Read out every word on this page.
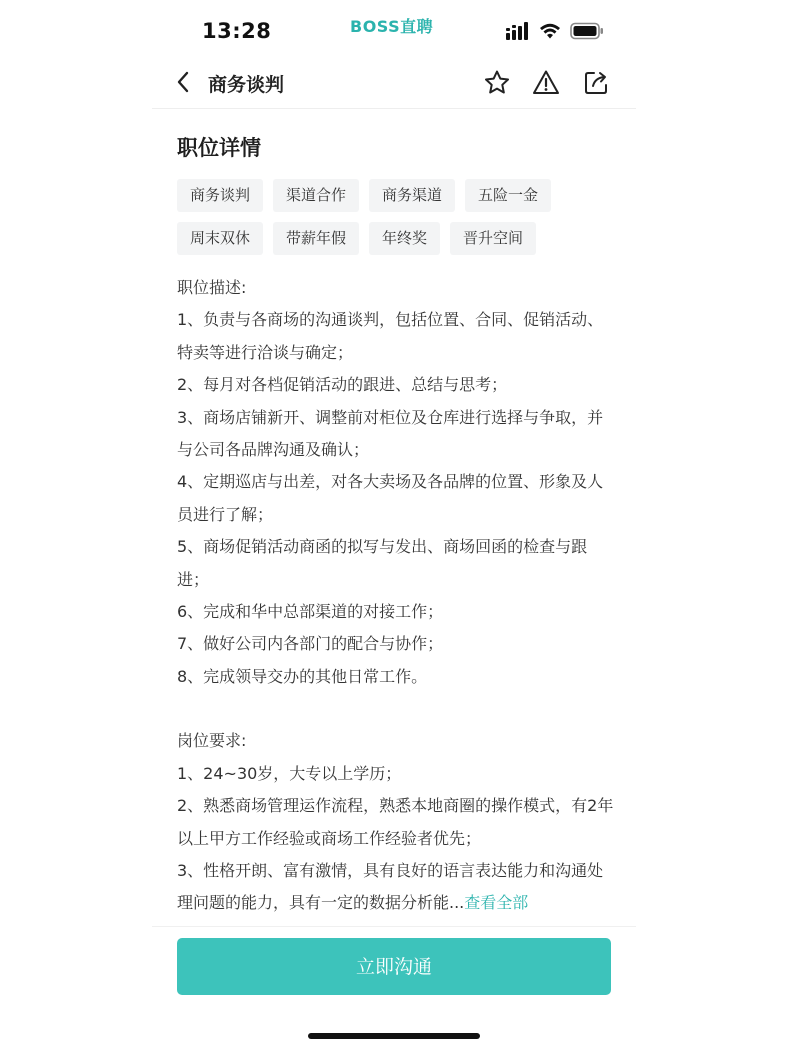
13:28	BOSS直聘
商务谈判
职位详情
商务谈判	渠道合作	商务渠道	五险一金
周末双休	带薪年假	年终奖	晋升空间

职位描述:

1、负责与各商场的沟通谈判，包括位置、合同、促销活动、特卖等进行洽谈与确定；

2、每月对各档促销活动的跟进、总结与思考；

3、商场店铺新开、调整前对柜位及仓库进行选择与争取，并与公司各品牌沟通及确认；

4、定期巡店与出差，对各大卖场及各品牌的位置、形象及人员进行了解；

5、商场促销活动商函的拟写与发出、商场回函的检查与跟进；

6、完成和华中总部渠道的对接工作；

7、做好公司内各部门的配合与协作；

8、完成领导交办的其他日常工作。

岗位要求:

1、24~30岁，大专以上学历；

2、熟悉商场管理运作流程，熟悉本地商圈的操作模式，有2年以上甲方工作经验或商场工作经验者优先；

3、性格开朗、富有激情，具有良好的语言表达能力和沟通处理问题的能力，具有一定的数据分析能...查看全部

立即沟通
